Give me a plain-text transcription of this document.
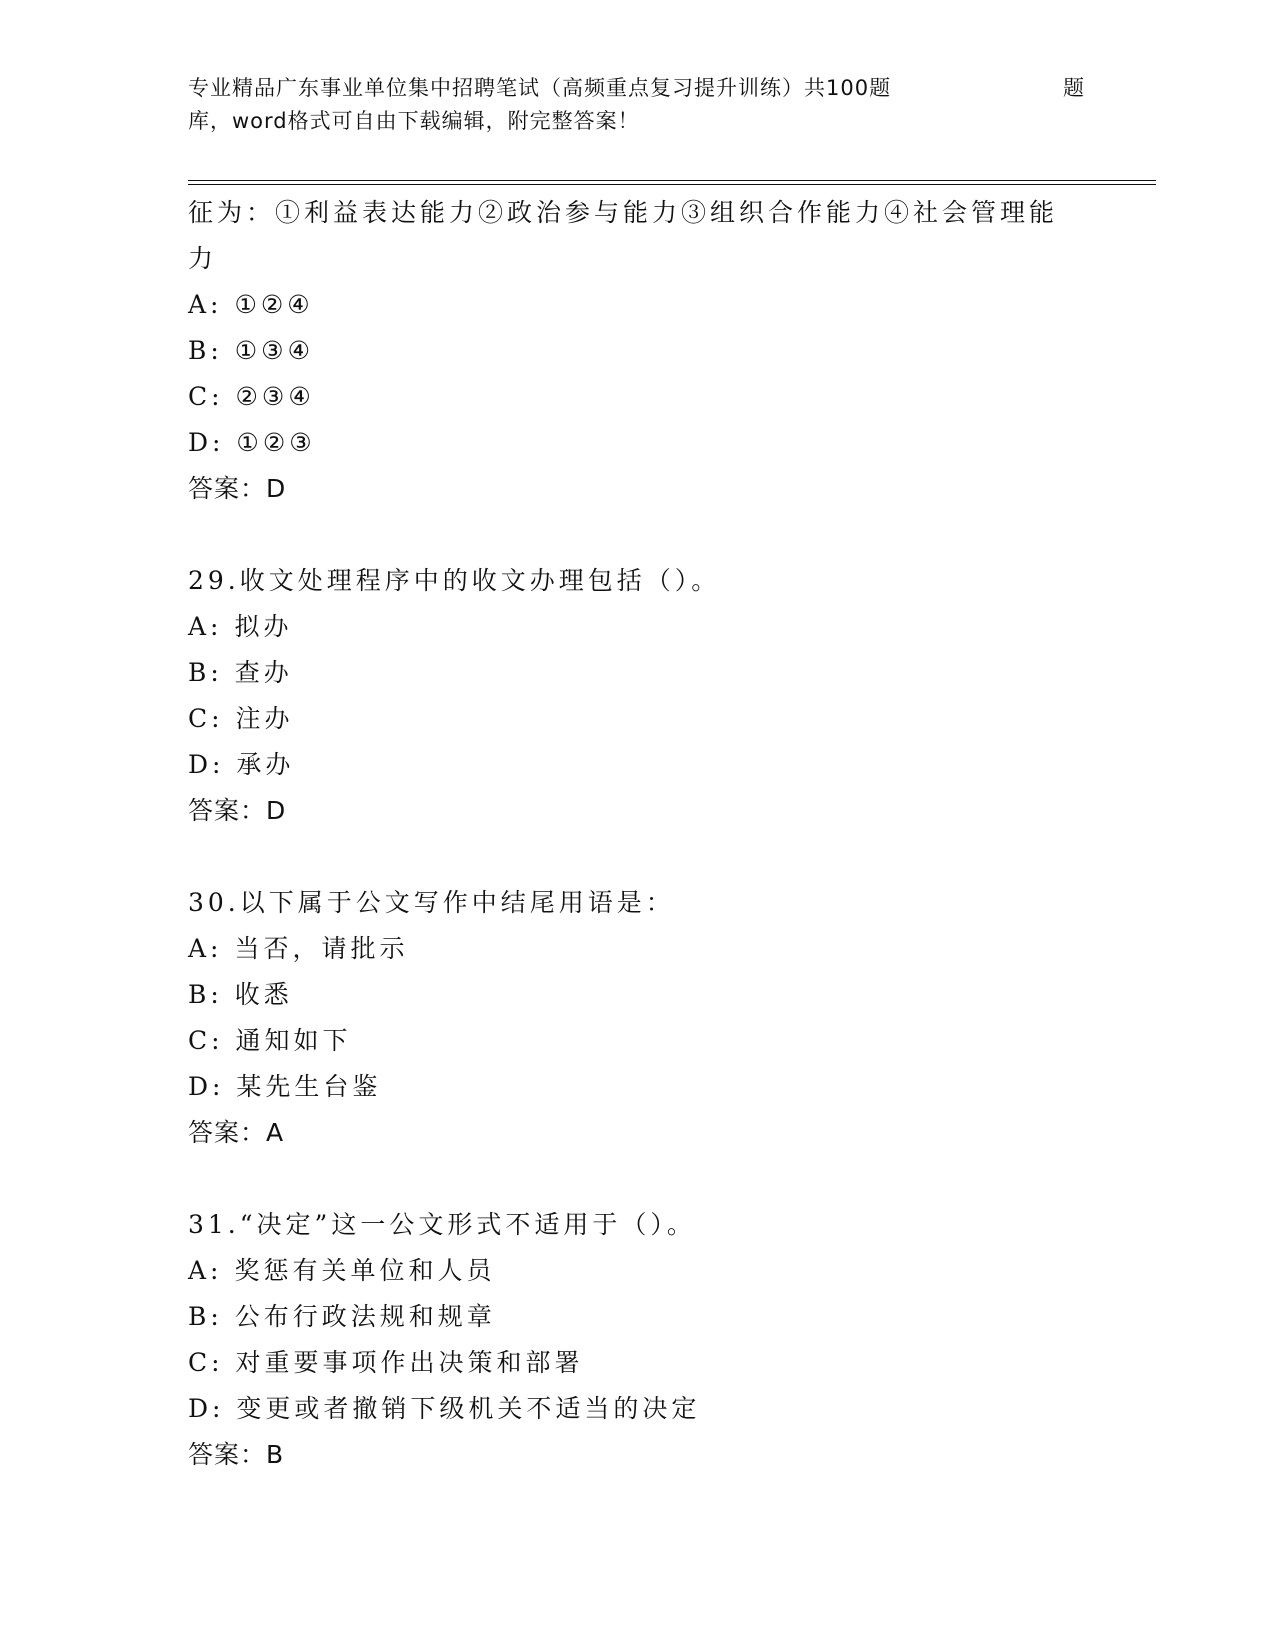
专业精品广东事业单位集中招聘笔试（高频重点复习提升训练）共100题
库，word格式可自由下载编辑，附完整答案！
题
征为：①利益表达能力②政治参与能力③组织合作能力④社会管理能力
A: ①②④
B: ①③④
C: ②③④
D: ①②③
答案：D
29.收文处理程序中的收文办理包括（）。
A: 拟办
B: 查办
C: 注办
D: 承办
答案：D
30.以下属于公文写作中结尾用语是：
A: 当否，请批示
B: 收悉
C: 通知如下
D: 某先生台鉴
答案：A
31.“决定”这一公文形式不适用于（）。
A: 奖惩有关单位和人员
B: 公布行政法规和规章
C: 对重要事项作出决策和部署
D: 变更或者撤销下级机关不适当的决定
答案：B
